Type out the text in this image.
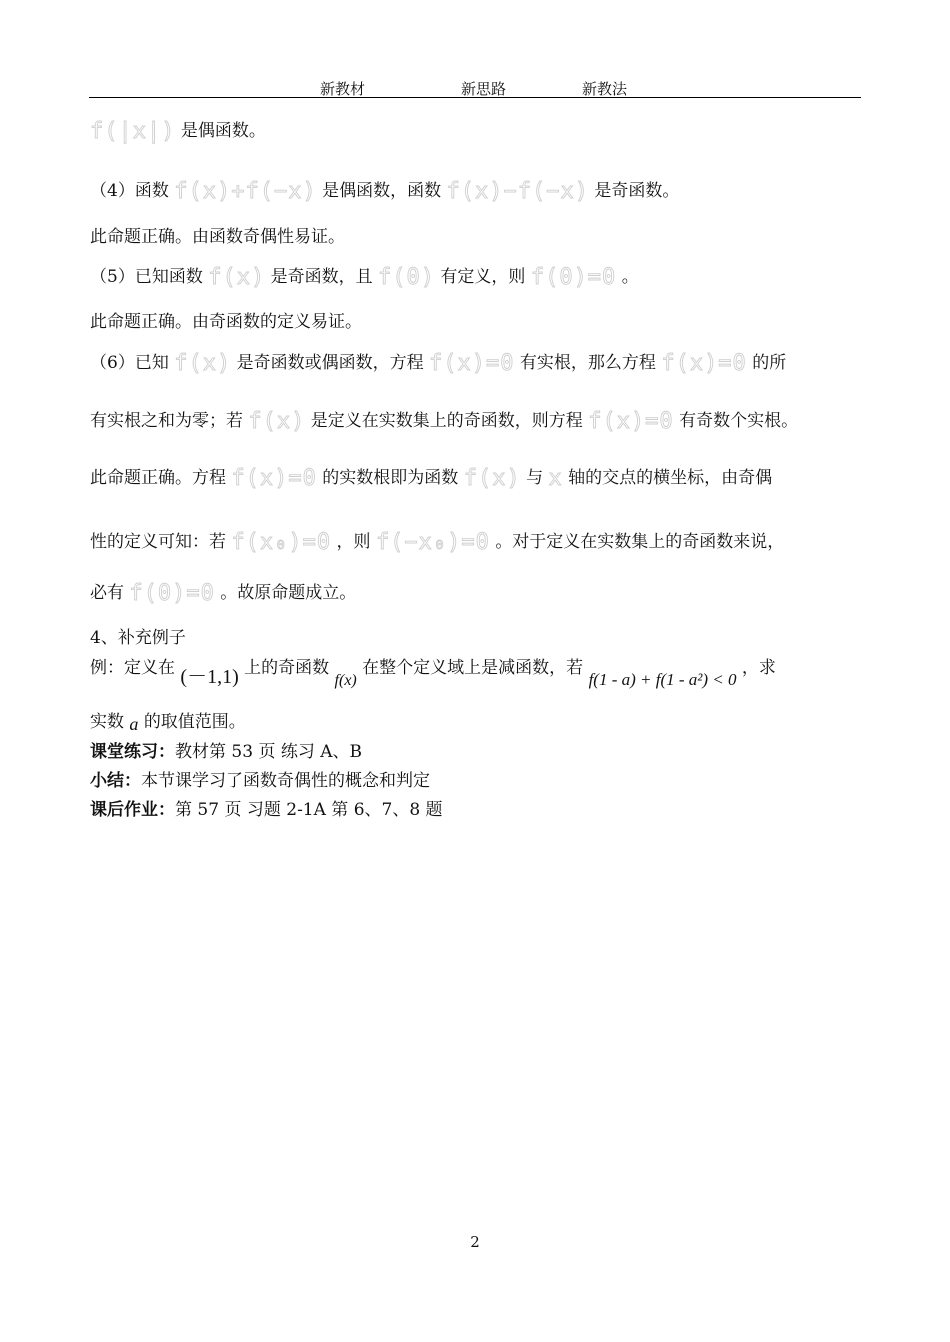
新教材	新思路	新教法
f(|x|) 是偶函数。
（4）函数 f(x)+f(−x) 是偶函数，函数 f(x)−f(−x) 是奇函数。
此命题正确。由函数奇偶性易证。
（5）已知函数 f(x) 是奇函数，且 f(0) 有定义，则 f(0)=0 。
此命题正确。由奇函数的定义易证。
（6）已知 f(x) 是奇函数或偶函数，方程 f(x)=0 有实根，那么方程 f(x)=0 的所
有实根之和为零；若 f(x) 是定义在实数集上的奇函数，则方程 f(x)=0 有奇数个实根。
此命题正确。方程 f(x)=0 的实数根即为函数 f(x) 与 x 轴的交点的横坐标，由奇偶
性的定义可知：若 f(x₀)=0 ，则 f(−x₀)=0 。对于定义在实数集上的奇函数来说，
必有 f(0)=0 。故原命题成立。
4、补充例子
例：定义在 (－1,1) 上的奇函数 f(x) 在整个定义域上是减函数，若 f(1 - a) + f(1 - a²) < 0 ，求
实数 a 的取值范围。
课堂练习：教材第 53 页 练习 A、B
小结：本节课学习了函数奇偶性的概念和判定
课后作业：第 57 页 习题 2-1A 第 6、7、8 题
2
